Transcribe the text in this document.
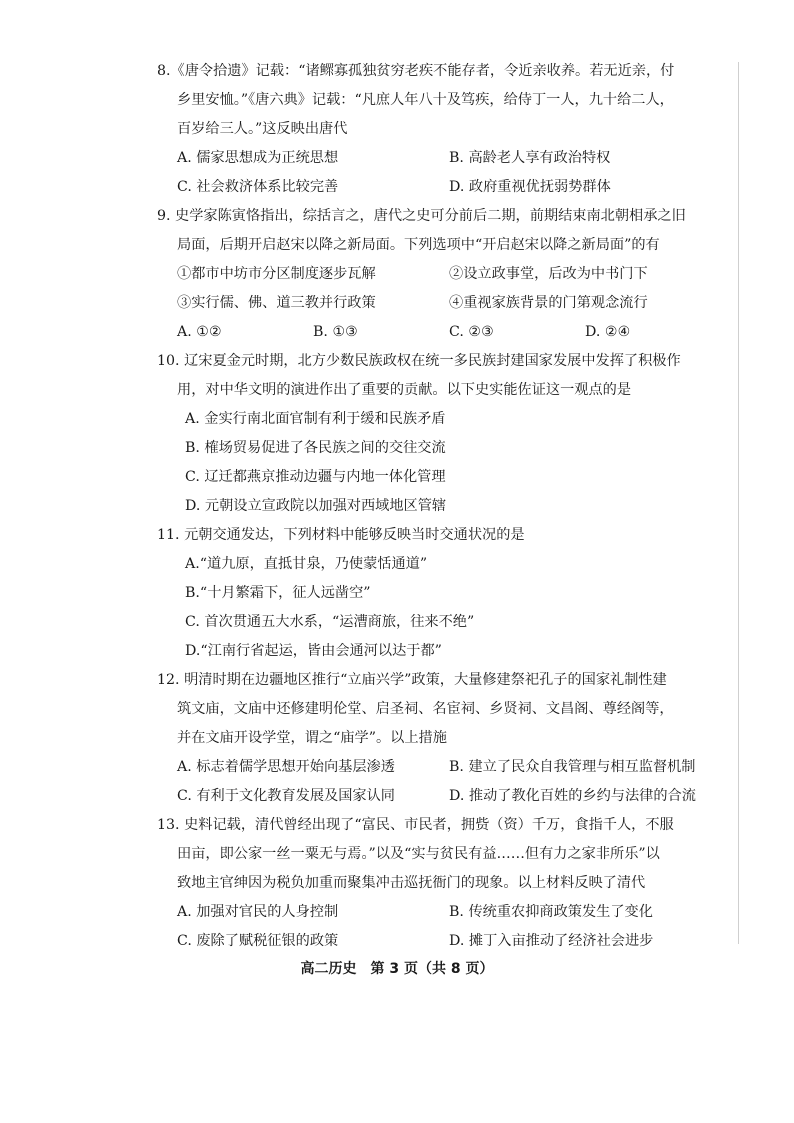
8.《唐令拾遗》记载：“诸鳏寡孤独贫穷老疾不能存者，令近亲收养。若无近亲，付
乡里安恤。”《唐六典》记载：“凡庶人年八十及笃疾，给侍丁一人，九十给二人，
百岁给三人。”这反映出唐代
A. 儒家思想成为正统思想	B. 高龄老人享有政治特权
C. 社会救济体系比较完善	D. 政府重视优抚弱势群体
9. 史学家陈寅恪指出，综括言之，唐代之史可分前后二期，前期结束南北朝相承之旧
局面，后期开启赵宋以降之新局面。下列选项中“开启赵宋以降之新局面”的有
①都市中坊市分区制度逐步瓦解	②设立政事堂，后改为中书门下
③实行儒、佛、道三教并行政策	④重视家族背景的门第观念流行
A. ①②	B. ①③	C. ②③	D. ②④
10. 辽宋夏金元时期，北方少数民族政权在统一多民族封建国家发展中发挥了积极作
用，对中华文明的演进作出了重要的贡献。以下史实能佐证这一观点的是
A. 金实行南北面官制有利于缓和民族矛盾
B. 榷场贸易促进了各民族之间的交往交流
C. 辽迁都燕京推动边疆与内地一体化管理
D. 元朝设立宣政院以加强对西域地区管辖
11. 元朝交通发达，下列材料中能够反映当时交通状况的是
A.“道九原，直抵甘泉，乃使蒙恬通道”
B.“十月繁霜下，征人远凿空”
C. 首次贯通五大水系，“运漕商旅，往来不绝”
D.“江南行省起运，皆由会通河以达于都”
12. 明清时期在边疆地区推行“立庙兴学”政策，大量修建祭祀孔子的国家礼制性建
筑文庙，文庙中还修建明伦堂、启圣祠、名宦祠、乡贤祠、文昌阁、尊经阁等，
并在文庙开设学堂，谓之“庙学”。以上措施
A. 标志着儒学思想开始向基层渗透	B. 建立了民众自我管理与相互监督机制
C. 有利于文化教育发展及国家认同	D. 推动了教化百姓的乡约与法律的合流
13. 史料记载，清代曾经出现了“富民、市民者，拥赀（资）千万，食指千人，不服
田亩，即公家一丝一粟无与焉。”以及“实与贫民有益……但有力之家非所乐”以
致地主官绅因为税负加重而聚集冲击巡抚衙门的现象。以上材料反映了清代
A. 加强对官民的人身控制	B. 传统重农抑商政策发生了变化
C. 废除了赋税征银的政策	D. 摊丁入亩推动了经济社会进步
高二历史　第 3 页（共 8 页）
